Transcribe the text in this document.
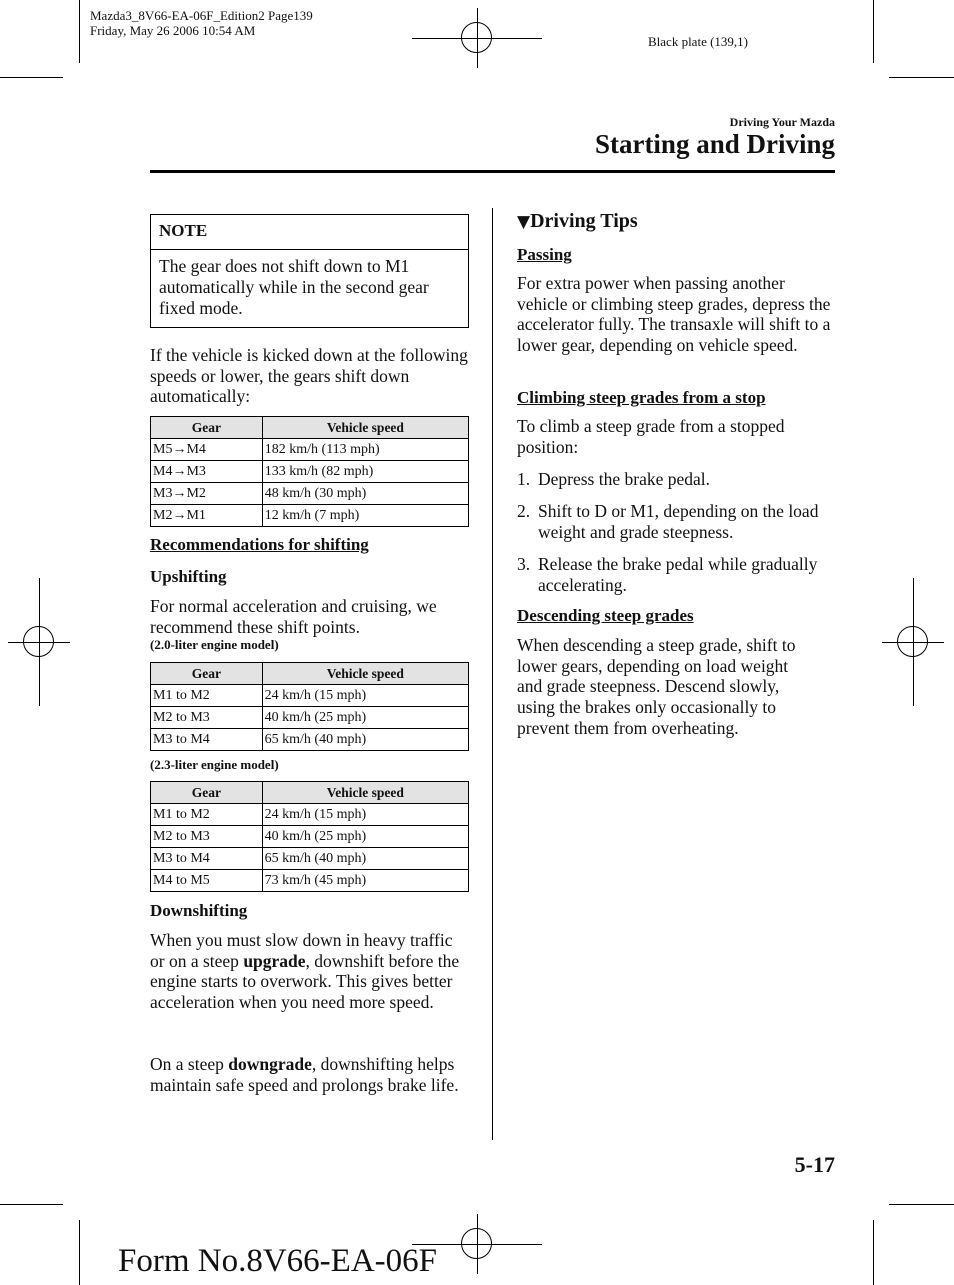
Mazda3_8V66-EA-06F_Edition2 Page139
Friday, May 26 2006 10:54 AM
Black plate (139,1)
Driving Your Mazda
Starting and Driving
NOTE
The gear does not shift down to M1 automatically while in the second gear fixed mode.
If the vehicle is kicked down at the following speeds or lower, the gears shift down automatically:
Gear	Vehicle speed
M5→M4	182 km/h (113 mph)
M4→M3	133 km/h (82 mph)
M3→M2	48 km/h (30 mph)
M2→M1	12 km/h (7 mph)
Recommendations for shifting
Upshifting
For normal acceleration and cruising, we recommend these shift points.
(2.0-liter engine model)
Gear	Vehicle speed
M1 to M2	24 km/h (15 mph)
M2 to M3	40 km/h (25 mph)
M3 to M4	65 km/h (40 mph)
(2.3-liter engine model)
Gear	Vehicle speed
M1 to M2	24 km/h (15 mph)
M2 to M3	40 km/h (25 mph)
M3 to M4	65 km/h (40 mph)
M4 to M5	73 km/h (45 mph)
Downshifting
When you must slow down in heavy traffic or on a steep upgrade, downshift before the engine starts to overwork. This gives better acceleration when you need more speed.
On a steep downgrade, downshifting helps maintain safe speed and prolongs brake life.
▼Driving Tips
Passing
For extra power when passing another vehicle or climbing steep grades, depress the accelerator fully. The transaxle will shift to a lower gear, depending on vehicle speed.
Climbing steep grades from a stop
To climb a steep grade from a stopped position:
1. Depress the brake pedal.
2. Shift to D or M1, depending on the load weight and grade steepness.
3. Release the brake pedal while gradually accelerating.
Descending steep grades
When descending a steep grade, shift to lower gears, depending on load weight and grade steepness. Descend slowly, using the brakes only occasionally to prevent them from overheating.
5-17
Form No.8V66-EA-06F
